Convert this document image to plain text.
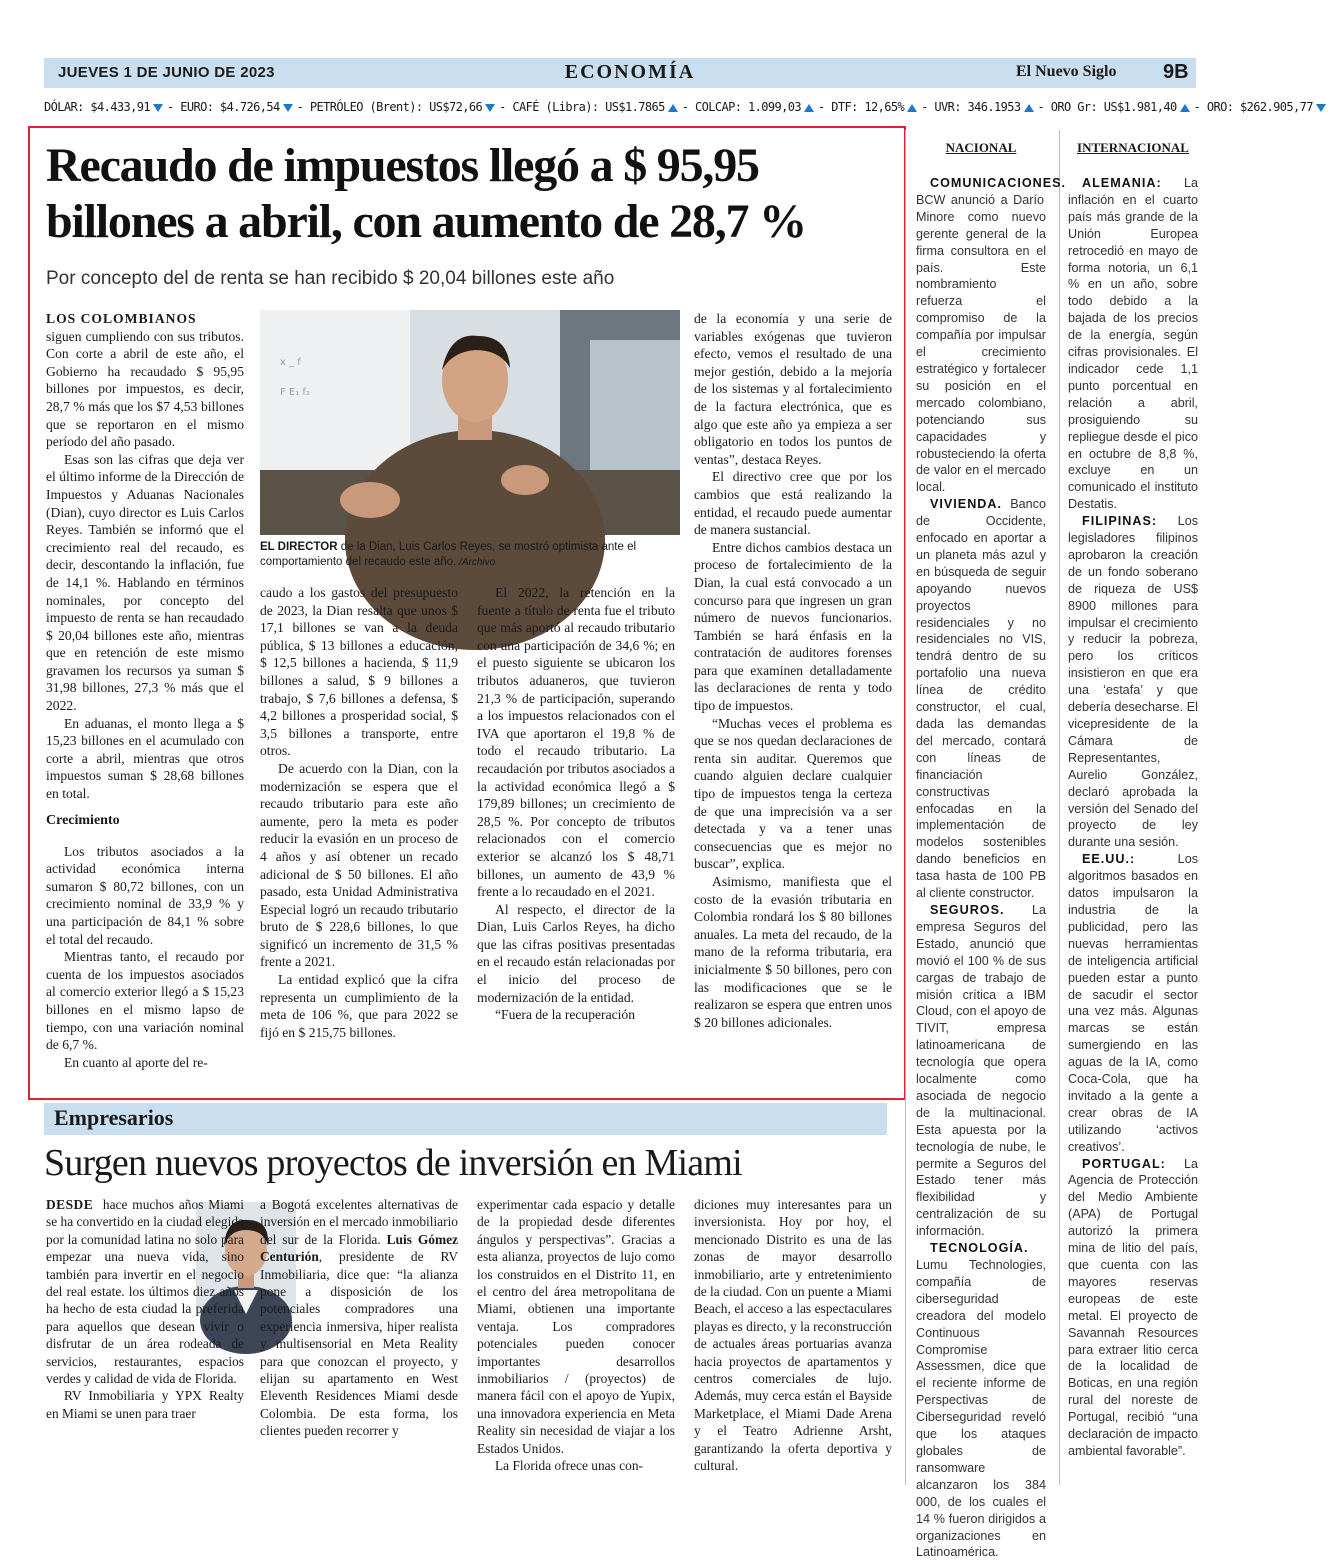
JUEVES 1 DE JUNIO DE 2023	ECONOMÍA	El Nuevo Siglo 9B
DÓLAR: $4.433,91 - EURO: $4.726,54 - PETRÓLEO (Brent): US$72,66 - CAFÉ (Libra): US$1.7865 - COLCAP: 1.099,03 - DTF: 12,65% - UVR: 346.1953 - ORO Gr: US$1.981,40 - ORO: $262.905,77
Recaudo de impuestos llegó a $ 95,95 billones a abril, con aumento de 28,7 %
Por concepto del de renta se han recibido $ 20,04 billones este año

LOS COLOMBIANOS
siguen cumpliendo con sus tributos. Con corte a abril de este año, el Gobierno ha recaudado $ 95,95 billones por impuestos, es decir, 28,7 % más que los $7 4,53 billones que se reportaron en el mismo período del año pasado.

Esas son las cifras que deja ver el último informe de la Dirección de Impuestos y Aduanas Nacionales (Dian), cuyo director es Luis Carlos Reyes. También se informó que el crecimiento real del recaudo, es decir, descontando la inflación, fue de 14,1 %. Hablando en términos nominales, por concepto del impuesto de renta se han recaudado $ 20,04 billones este año, mientras que en retención de este mismo gravamen los recursos ya suman $ 31,98 billones, 27,3 % más que el 2022.

En aduanas, el monto llega a $ 15,23 billones en el acumulado con corte a abril, mientras que otros impuestos suman $ 28,68 billones en total.

Crecimiento

Los tributos asociados a la actividad económica interna sumaron $ 80,72 billones, con un crecimiento nominal de 33,9 % y una participación de 84,1 % sobre el total del recaudo.

Mientras tanto, el recaudo por cuenta de los impuestos asociados al comercio exterior llegó a $ 15,23 billones en el mismo lapso de tiempo, con una variación nominal de 6,7 %.

En cuanto al aporte del re-

x _ f
F E₁ f₂
EL DIRECTOR de la Dian, Luis Carlos Reyes, se mostró optimista ante el comportamiento del recaudo este año. /Archivo

caudo a los gastos del presupuesto de 2023, la Dian resalta que unos $ 17,1 billones se van a la deuda pública, $ 13 billones a educación, $ 12,5 billones a hacienda, $ 11,9 billones a salud, $ 9 billones a trabajo, $ 7,6 billones a defensa, $ 4,2 billones a prosperidad social, $ 3,5 billones a transporte, entre otros.

De acuerdo con la Dian, con la modernización se espera que el recaudo tributario para este año aumente, pero la meta es poder reducir la evasión en un proceso de 4 años y así obtener un recado adicional de $ 50 billones. El año pasado, esta Unidad Administrativa Especial logró un recaudo tributario bruto de $ 228,6 billones, lo que significó un incremento de 31,5 % frente a 2021.

La entidad explicó que la cifra representa un cumplimiento de la meta de 106 %, que para 2022 se fijó en $ 215,75 billones.

El 2022, la retención en la fuente a título de renta fue el tributo que más aportó al recaudo tributario con una participación de 34,6 %; en el puesto siguiente se ubicaron los tributos aduaneros, que tuvieron 21,3 % de participación, superando a los impuestos relacionados con el IVA que aportaron el 19,8 % de todo el recaudo tributario. La recaudación por tributos asociados a la actividad económica llegó a $ 179,89 billones; un crecimiento de 28,5 %. Por concepto de tributos relacionados con el comercio exterior se alcanzó los $ 48,71 billones, un aumento de 43,9 % frente a lo recaudado en el 2021.

Al respecto, el director de la Dian, Luis Carlos Reyes, ha dicho que las cifras positivas presentadas en el recaudo están relacionadas por el inicio del proceso de modernización de la entidad.

“Fuera de la recuperación

de la economía y una serie de variables exógenas que tuvieron efecto, vemos el resultado de una mejor gestión, debido a la mejoría de los sistemas y al fortalecimiento de la factura electrónica, que es algo que este año ya empieza a ser obligatorio en todos los puntos de ventas”, destaca Reyes.

El directivo cree que por los cambios que está realizando la entidad, el recaudo puede aumentar de manera sustancial.

Entre dichos cambios destaca un proceso de fortalecimiento de la Dian, la cual está convocado a un concurso para que ingresen un gran número de nuevos funcionarios. También se hará énfasis en la contratación de auditores forenses para que examinen detalladamente las declaraciones de renta y todo tipo de impuestos.

“Muchas veces el problema es que se nos quedan declaraciones de renta sin auditar. Queremos que cuando alguien declare cualquier tipo de impuestos tenga la certeza de que una imprecisión va a ser detectada y va a tener unas consecuencias que es mejor no buscar”, explica.

Asimismo, manifiesta que el costo de la evasión tributaria en Colombia rondará los $ 80 billones anuales. La meta del recaudo, de la mano de la reforma tributaria, era inicialmente $ 50 billones, pero con las modificaciones que se le realizaron se espera que entren unos $ 20 billones adicionales.

NACIONAL

COMUNICACIONES. BCW anunció a Darío Minore como nuevo gerente general de la firma consultora en el país. Este nombramiento refuerza el compromiso de la compañía por impulsar el crecimiento estratégico y fortalecer su posición en el mercado colombiano, potenciando sus capacidades y robusteciendo la oferta de valor en el mercado local.

VIVIENDA. Banco de Occidente, enfocado en aportar a un planeta más azul y en búsqueda de seguir apoyando nuevos proyectos residenciales y no residenciales no VIS, tendrá dentro de su portafolio una nueva línea de crédito constructor, el cual, dada las demandas del mercado, contará con líneas de financiación constructivas enfocadas en la implementación de modelos sostenibles dando beneficios en tasa hasta de 100 PB al cliente constructor.

SEGUROS. La empresa Seguros del Estado, anunció que movió el 100 % de sus cargas de trabajo de misión crítica a IBM Cloud, con el apoyo de TIVIT, empresa latinoamericana de tecnología que opera localmente como asociada de negocio de la multinacional. Esta apuesta por la tecnología de nube, le permite a Seguros del Estado tener más flexibilidad y centralización de su información.

TECNOLOGÍA. Lumu Technologies, compañía de ciberseguridad creadora del modelo Continuous Compromise Assessmen, dice que el reciente informe de Perspectivas de Ciberseguridad reveló que los ataques globales de ransomware alcanzaron los 384 000, de los cuales el 14 % fueron dirigidos a organizaciones en Latinoamérica.

INTERNACIONAL

ALEMANIA: La inflación en el cuarto país más grande de la Unión Europea retrocedió en mayo de forma notoria, un 6,1 % en un año, sobre todo debido a la bajada de los precios de la energía, según cifras provisionales. El indicador cede 1,1 punto porcentual en relación a abril, prosiguiendo su repliegue desde el pico en octubre de 8,8 %, excluye en un comunicado el instituto Destatis.

FILIPINAS: Los legisladores filipinos aprobaron la creación de un fondo soberano de riqueza de US$ 8900 millones para impulsar el crecimiento y reducir la pobreza, pero los críticos insistieron en que era una ‘estafa’ y que debería desecharse. El vicepresidente de la Cámara de Representantes, Aurelio González, declaró aprobada la versión del Senado del proyecto de ley durante una sesión.

EE.UU.: Los algoritmos basados en datos impulsaron la industria de la publicidad, pero las nuevas herramientas de inteligencia artificial pueden estar a punto de sacudir el sector una vez más. Algunas marcas se están sumergiendo en las aguas de la IA, como Coca-Cola, que ha invitado a la gente a crear obras de IA utilizando ‘activos creativos’.

PORTUGAL: La Agencia de Protección del Medio Ambiente (APA) de Portugal autorizó la primera mina de litio del país, que cuenta con las mayores reservas europeas de este metal. El proyecto de Savannah Resources para extraer litio cerca de la localidad de Boticas, en una región rural del noreste de Portugal, recibió “una declaración de impacto ambiental favorable”.

Empresarios
Surgen nuevos proyectos de inversión en Miami

DESDE hace muchos años Miami se ha convertido en la ciudad elegida por la comunidad latina no solo para empezar una nueva vida, sino también para invertir en el negocio del real estate. los últimos diez años ha hecho de esta ciudad la preferida para aquellos que desean vivir o disfrutar de un área rodeada de servicios, restaurantes, espacios verdes y calidad de vida de Florida.

RV Inmobiliaria y YPX Realty en Miami se unen para traer

a Bogotá excelentes alternativas de inversión en el mercado inmobiliario del sur de la Florida. Luis Gómez Centurión, presidente de RV Inmobiliaria, dice que: “la alianza pone a disposición de los potenciales compradores una experiencia inmersiva, hiper realista y multisensorial en Meta Reality para que conozcan el proyecto, y elijan su apartamento en West Eleventh Residences Miami desde Colombia. De esta forma, los clientes pueden recorrer y

experimentar cada espacio y detalle de la propiedad desde diferentes ángulos y perspectivas”. Gracias a esta alianza, proyectos de lujo como los construidos en el Distrito 11, en el centro del área metropolitana de Miami, obtienen una importante ventaja. Los compradores potenciales pueden conocer importantes desarrollos inmobiliarios / (proyectos) de manera fácil con el apoyo de Yupix, una innovadora experiencia en Meta Reality sin necesidad de viajar a los Estados Unidos.

La Florida ofrece unas con-

diciones muy interesantes para un inversionista. Hoy por hoy, el mencionado Distrito es una de las zonas de mayor desarrollo inmobiliario, arte y entretenimiento de la ciudad. Con un puente a Miami Beach, el acceso a las espectaculares playas es directo, y la reconstrucción de actuales áreas portuarias avanza hacia proyectos de apartamentos y centros comerciales de lujo. Además, muy cerca están el Bayside Marketplace, el Miami Dade Arena y el Teatro Adrienne Arsht, garantizando la oferta deportiva y cultural.
